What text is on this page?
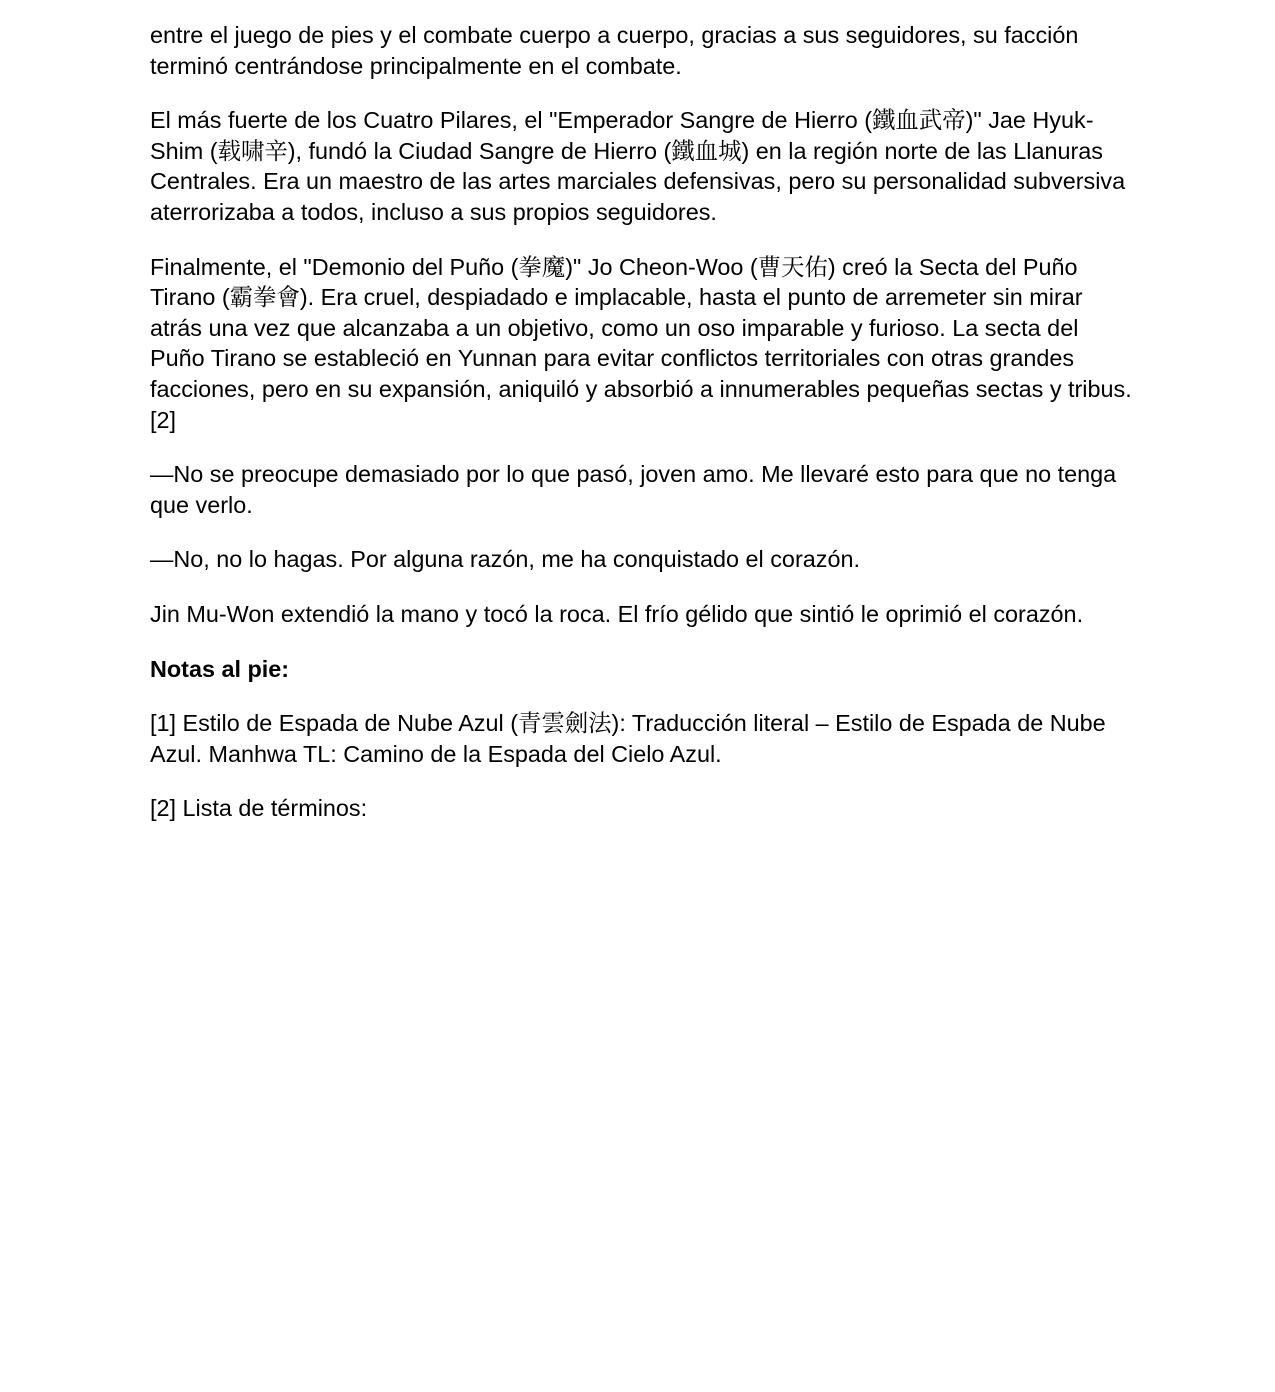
entre el juego de pies y el combate cuerpo a cuerpo, gracias a sus seguidores, su facción terminó centrándose principalmente en el combate.

El más fuerte de los Cuatro Pilares, el "Emperador Sangre de Hierro (鐵血武帝)" Jae Hyuk-Shim (载啸辛), fundó la Ciudad Sangre de Hierro (鐵血城) en la región norte de las Llanuras Centrales. Era un maestro de las artes marciales defensivas, pero su personalidad subversiva aterrorizaba a todos, incluso a sus propios seguidores.

Finalmente, el "Demonio del Puño (拳魔)" Jo Cheon-Woo (曹天佑) creó la Secta del Puño Tirano (霸拳會). Era cruel, despiadado e implacable, hasta el punto de arremeter sin mirar atrás una vez que alcanzaba a un objetivo, como un oso imparable y furioso. La secta del Puño Tirano se estableció en Yunnan para evitar conflictos territoriales con otras grandes facciones, pero en su expansión, aniquiló y absorbió a innumerables pequeñas sectas y tribus. [2]

—No se preocupe demasiado por lo que pasó, joven amo. Me llevaré esto para que no tenga que verlo.

—No, no lo hagas. Por alguna razón, me ha conquistado el corazón.

Jin Mu-Won extendió la mano y tocó la roca. El frío gélido que sintió le oprimió el corazón.

Notas al pie:

[1] Estilo de Espada de Nube Azul (青雲劍法): Traducción literal – Estilo de Espada de Nube Azul. Manhwa TL: Camino de la Espada del Cielo Azul.

[2] Lista de términos:
